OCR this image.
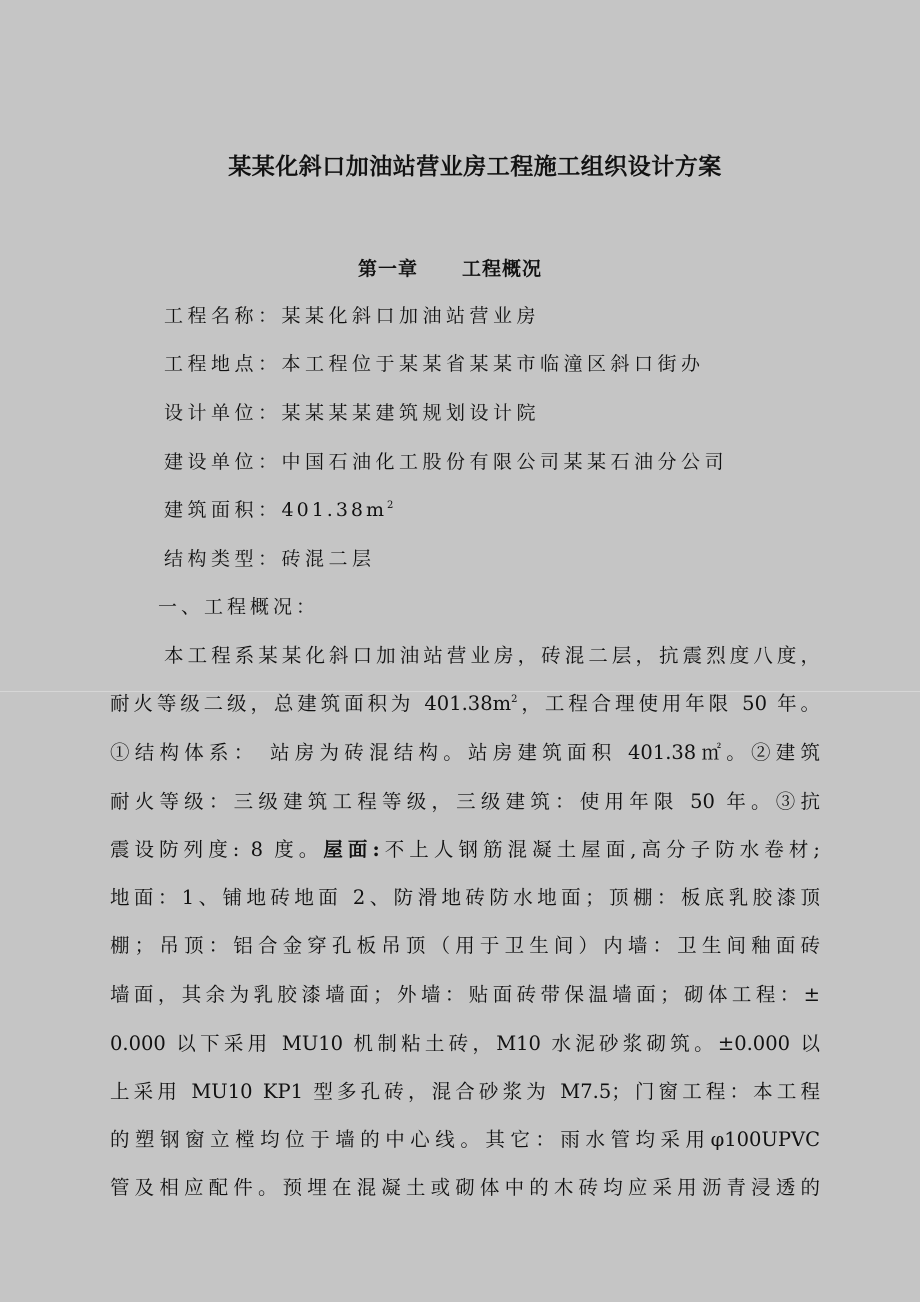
某某化斜口加油站营业房工程施工组织设计方案
第一章 工程概况
工程名称：某某化斜口加油站营业房
工程地点：本工程位于某某省某某市临潼区斜口街办
设计单位：某某某某建筑规划设计院
建设单位：中国石油化工股份有限公司某某石油分公司
建筑面积：$401.38m^2$
结构类型：砖混二层
一、工程概况：
本工程系某某化斜口加油站营业房，砖混二层，抗震烈度八度，
耐火等级二级，总建筑面积为 $401.38m^2$，工程合理使用年限 50 年。
①结构体系： 站房为砖混结构。站房建筑面积 401.38㎡。②建筑
耐火等级：三级建筑工程等级，三级建筑：使用年限 50 年。③抗
震设防列度: 8 度。屋面:不上人钢筋混凝土屋面,高分子防水卷材;
地面：1、铺地砖地面 2、防滑地砖防水地面；顶棚：板底乳胶漆顶
棚；吊顶：铝合金穿孔板吊顶（用于卫生间）内墙：卫生间釉面砖
墙面，其余为乳胶漆墙面；外墙：贴面砖带保温墙面；砌体工程：±
0.000 以下采用 MU10 机制粘土砖，M10 水泥砂浆砌筑。±0.000 以
上采用 MU10 KP1 型多孔砖，混合砂浆为 M7.5；门窗工程：本工程
的塑钢窗立樘均位于墙的中心线。其它：雨水管均采用φ100UPVC
管及相应配件。预埋在混凝土或砌体中的木砖均应采用沥青浸透的
